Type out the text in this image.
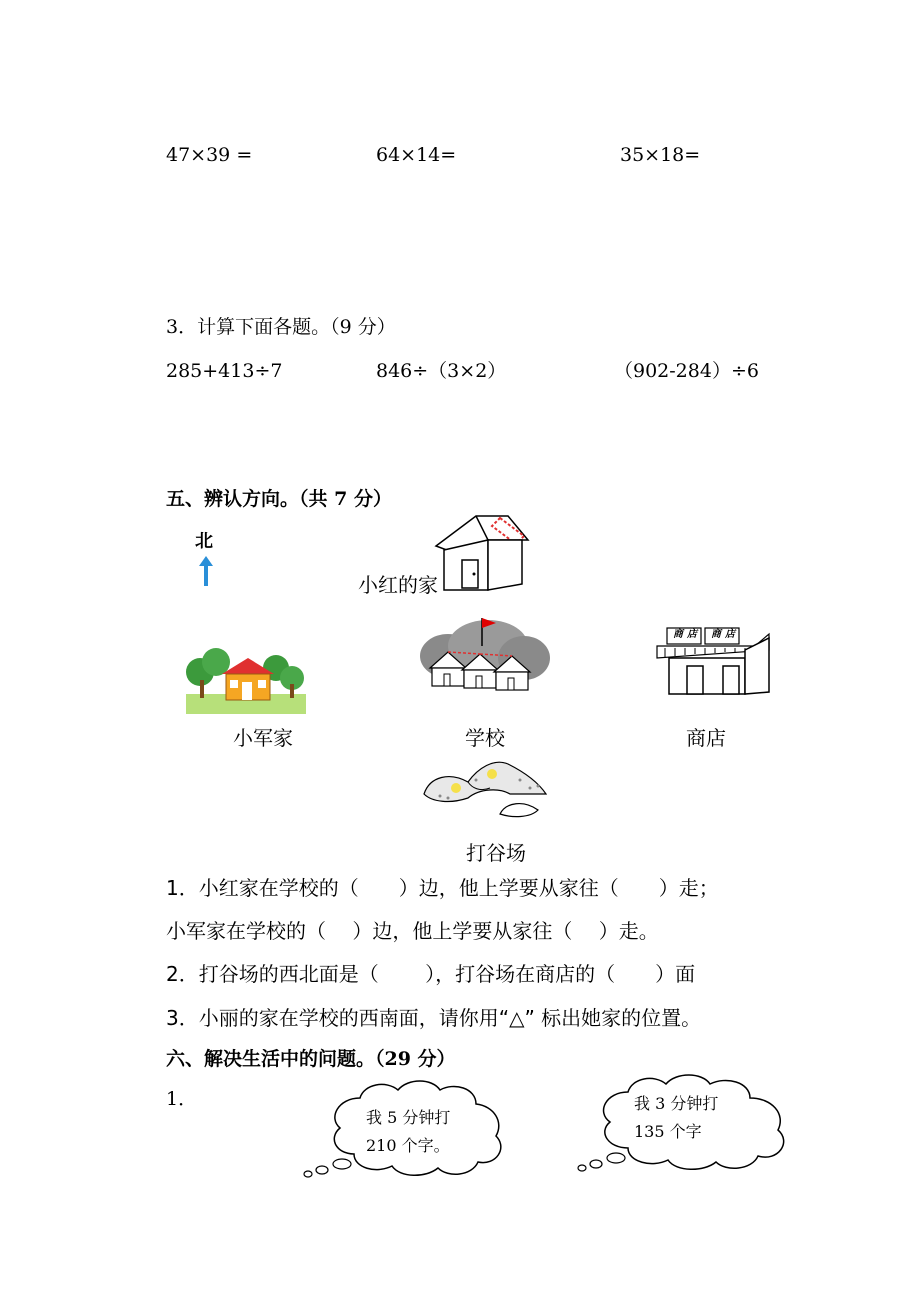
47×39 =	64×14=	35×18=
3．计算下面各题。（9 分）
285+413÷7	846÷（3×2）	（902-284）÷6
五、辨认方向。（共 7 分）
北
小红的家
小军家	学校
商 店 商 店
商店
打谷场
1．小红家在学校的（　　）边，他上学要从家往（　　）走；
小军家在学校的（　 ）边，他上学要从家往（　 ）走。
2．打谷场的西北面是（　　 ），打谷场在商店的（　　）面
3．小丽的家在学校的西南面，请你用“△” 标出她家的位置。
六、解决生活中的问题。（29 分）
1．
我 5 分钟打
210 个字。
我 3 分钟打
135 个字
